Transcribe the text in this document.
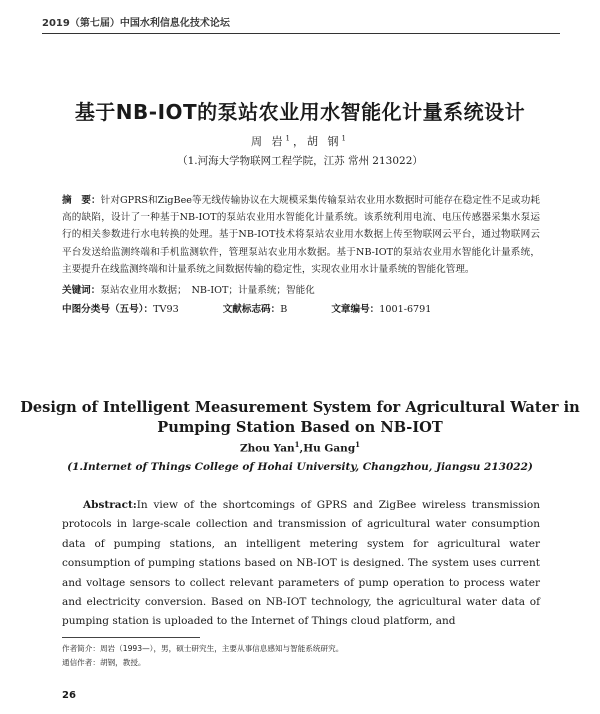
2019（第七届）中国水利信息化技术论坛
基于NB-IOT的泵站农业用水智能化计量系统设计
周 岩$^1$，胡 钢$^1$
（1.河海大学物联网工程学院，江苏 常州 213022）

摘　要：针对GPRS和ZigBee等无线传输协议在大规模采集传输泵站农业用水数据时可能存在稳定性不足或功耗高的缺陷，设计了一种基于NB-IOT的泵站农业用水智能化计量系统。该系统利用电流、电压传感器采集水泵运行的相关参数进行水电转换的处理。基于NB-IOT技术将泵站农业用水数据上传至物联网云平台，通过物联网云平台发送给监测终端和手机监测软件，管理泵站农业用水数据。基于NB-IOT的泵站农业用水智能化计量系统，主要提升在线监测终端和计量系统之间数据传输的稳定性，实现农业用水计量系统的智能化管理。

关键词：泵站农业用水数据；　NB-IOT；计量系统；智能化

中图分类号（五号）：TV93	文献标志码：B	文章编号：1001-6791

Design of Intelligent Measurement System for Agricultural Water in
Pumping Station Based on NB-IOT
Zhou Yan$^1$,Hu Gang$^1$
(1.Internet of Things College of Hohai University, Changzhou, Jiangsu 213022)

Abstract:In view of the shortcomings of GPRS and ZigBee wireless transmission protocols in large-scale collection and transmission of agricultural water consumption data of pumping stations, an intelligent metering system for agricultural water consumption of pumping stations based on NB-IOT is designed. The system uses current and voltage sensors to collect relevant parameters of pump operation to process water and electricity conversion. Based on NB-IOT technology, the agricultural water data of pumping station is uploaded to the Internet of Things cloud platform, and

作者简介：周岩（1993—），男，硕士研究生，主要从事信息感知与智能系统研究。

通信作者：胡钢，教授。

26
